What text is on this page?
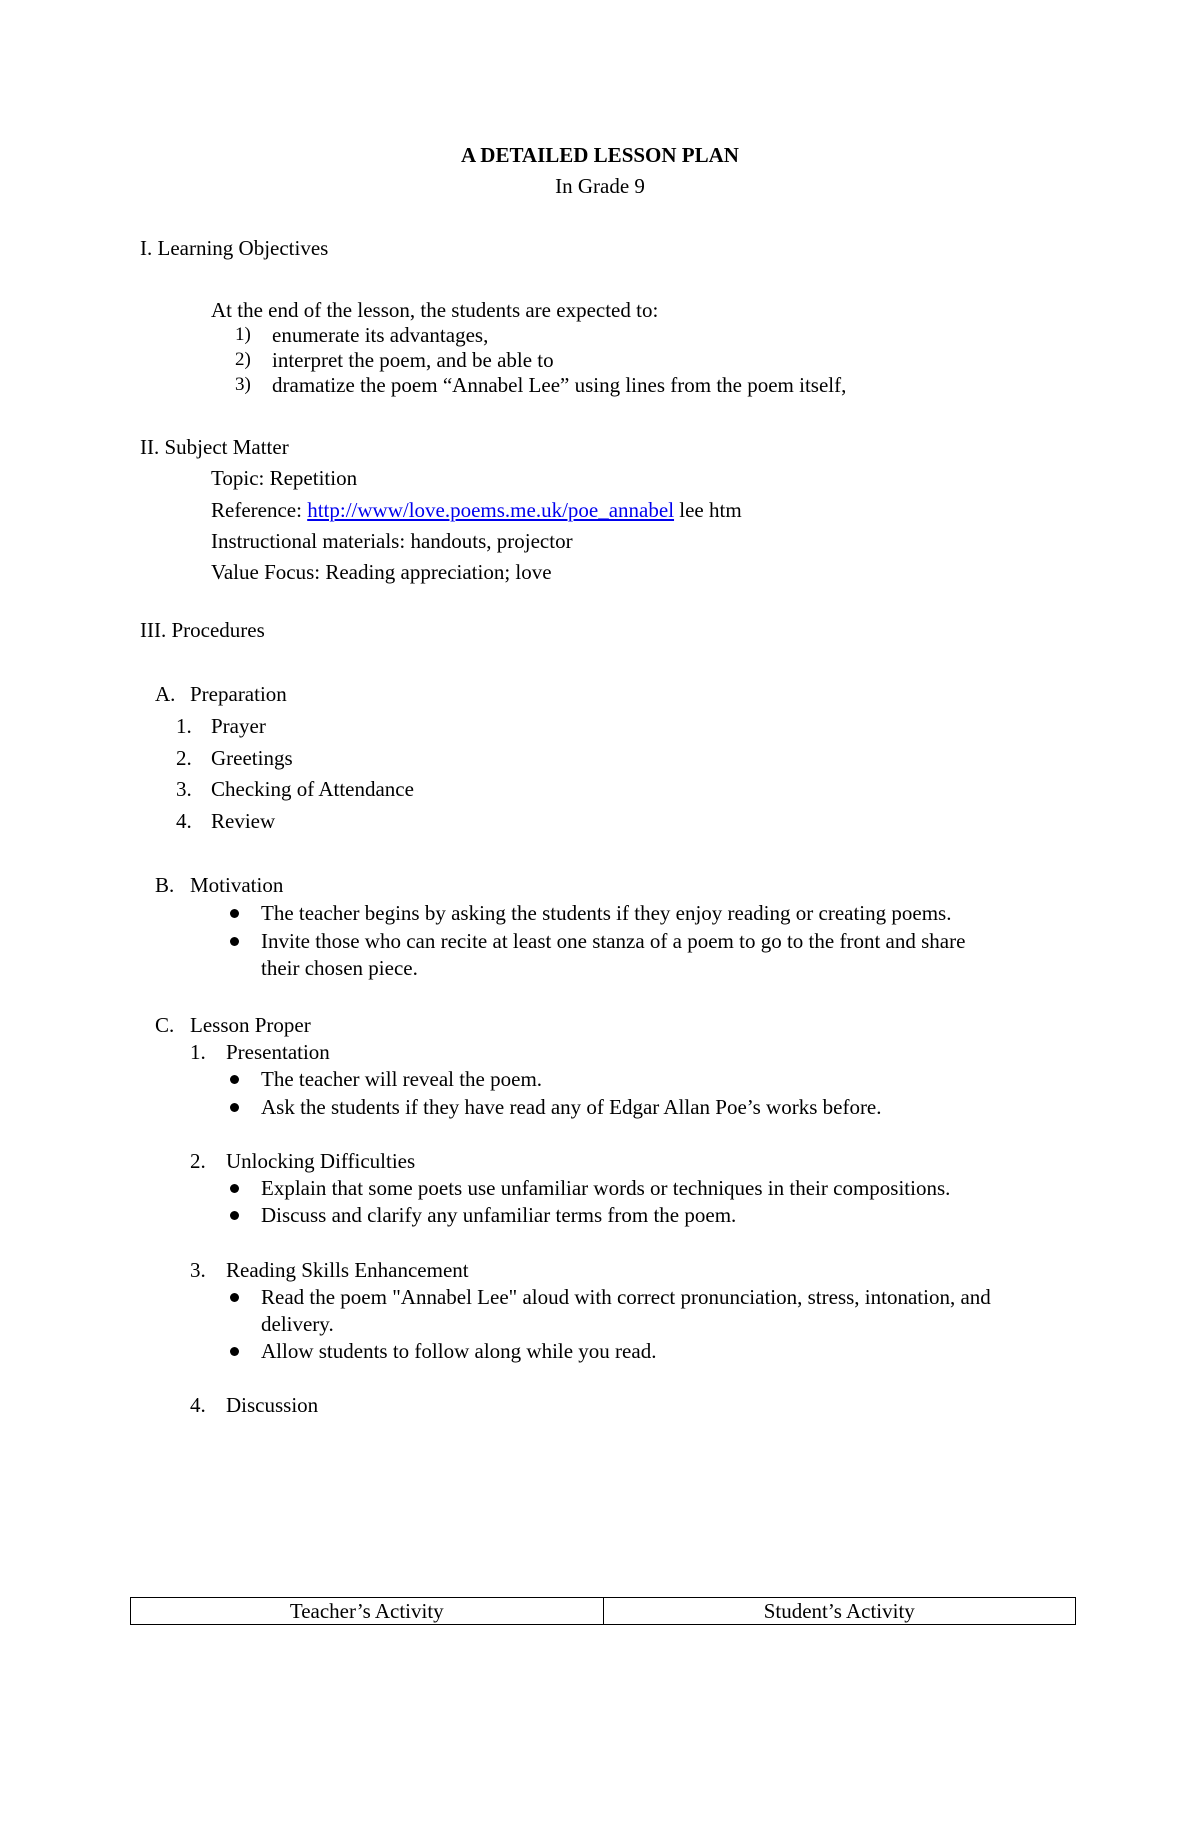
A DETAILED LESSON PLAN
In Grade 9
I. Learning Objectives
At the end of the lesson, the students are expected to:
1) enumerate its advantages,
2) interpret the poem, and be able to
3) dramatize the poem “Annabel Lee” using lines from the poem itself,
II. Subject Matter
Topic: Repetition
Reference: http://www/love.poems.me.uk/poe_annabel lee htm
Instructional materials: handouts, projector
Value Focus: Reading appreciation; love
III. Procedures
A. Preparation
1. Prayer
2. Greetings
3. Checking of Attendance
4. Review
B. Motivation
The teacher begins by asking the students if they enjoy reading or creating poems.
Invite those who can recite at least one stanza of a poem to go to the front and share
their chosen piece.
C. Lesson Proper
1. Presentation
The teacher will reveal the poem.
Ask the students if they have read any of Edgar Allan Poe’s works before.
2. Unlocking Difficulties
Explain that some poets use unfamiliar words or techniques in their compositions.
Discuss and clarify any unfamiliar terms from the poem.
3. Reading Skills Enhancement
Read the poem "Annabel Lee" aloud with correct pronunciation, stress, intonation, and
delivery.
Allow students to follow along while you read.
4. Discussion
Teacher’s Activity	Student’s Activity
